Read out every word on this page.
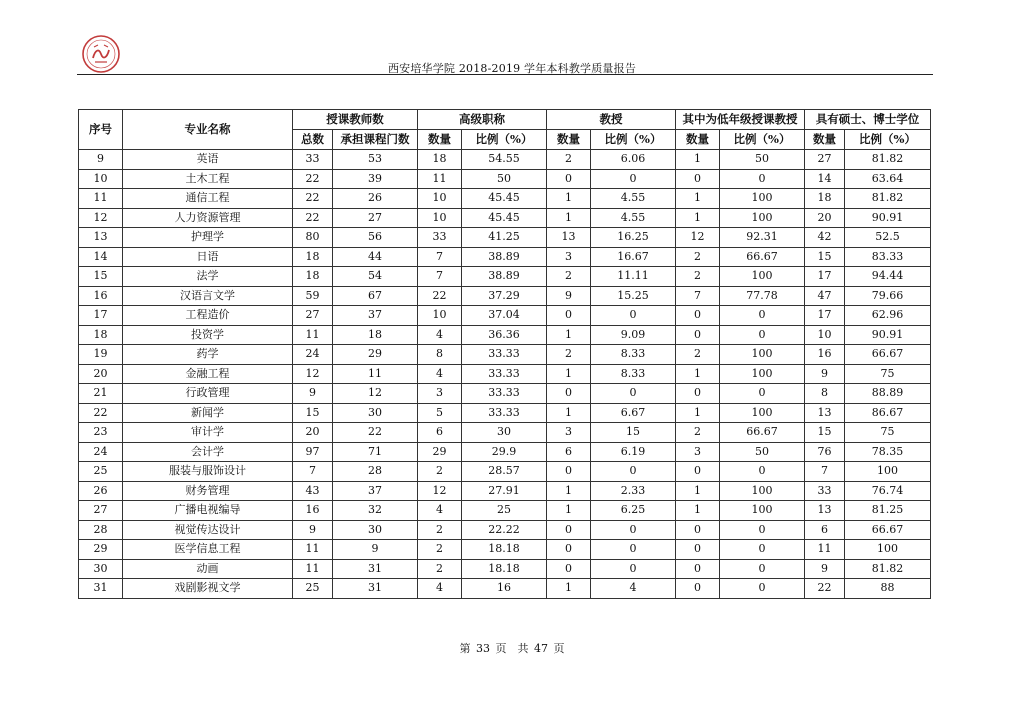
西安培华学院 2018-2019 学年本科教学质量报告
序号	专业名称	授课教师数		高级职称		教授		其中为低年级授课教授		具有硕士、博士学位	
		总数	承担课程门数	数量	比例（%）	数量	比例（%）	数量	比例（%）	数量	比例（%）
9	英语	33	53	18	54.55	2	6.06	1	50	27	81.82
10	土木工程	22	39	11	50	0	0	0	0	14	63.64
11	通信工程	22	26	10	45.45	1	4.55	1	100	18	81.82
12	人力资源管理	22	27	10	45.45	1	4.55	1	100	20	90.91
13	护理学	80	56	33	41.25	13	16.25	12	92.31	42	52.5
14	日语	18	44	7	38.89	3	16.67	2	66.67	15	83.33
15	法学	18	54	7	38.89	2	11.11	2	100	17	94.44
16	汉语言文学	59	67	22	37.29	9	15.25	7	77.78	47	79.66
17	工程造价	27	37	10	37.04	0	0	0	0	17	62.96
18	投资学	11	18	4	36.36	1	9.09	0	0	10	90.91
19	药学	24	29	8	33.33	2	8.33	2	100	16	66.67
20	金融工程	12	11	4	33.33	1	8.33	1	100	9	75
21	行政管理	9	12	3	33.33	0	0	0	0	8	88.89
22	新闻学	15	30	5	33.33	1	6.67	1	100	13	86.67
23	审计学	20	22	6	30	3	15	2	66.67	15	75
24	会计学	97	71	29	29.9	6	6.19	3	50	76	78.35
25	服装与服饰设计	7	28	2	28.57	0	0	0	0	7	100
26	财务管理	43	37	12	27.91	1	2.33	1	100	33	76.74
27	广播电视编导	16	32	4	25	1	6.25	1	100	13	81.25
28	视觉传达设计	9	30	2	22.22	0	0	0	0	6	66.67
29	医学信息工程	11	9	2	18.18	0	0	0	0	11	100
30	动画	11	31	2	18.18	0	0	0	0	9	81.82
31	戏剧影视文学	25	31	4	16	1	4	0	0	22	88
第 33 页　共 47 页
